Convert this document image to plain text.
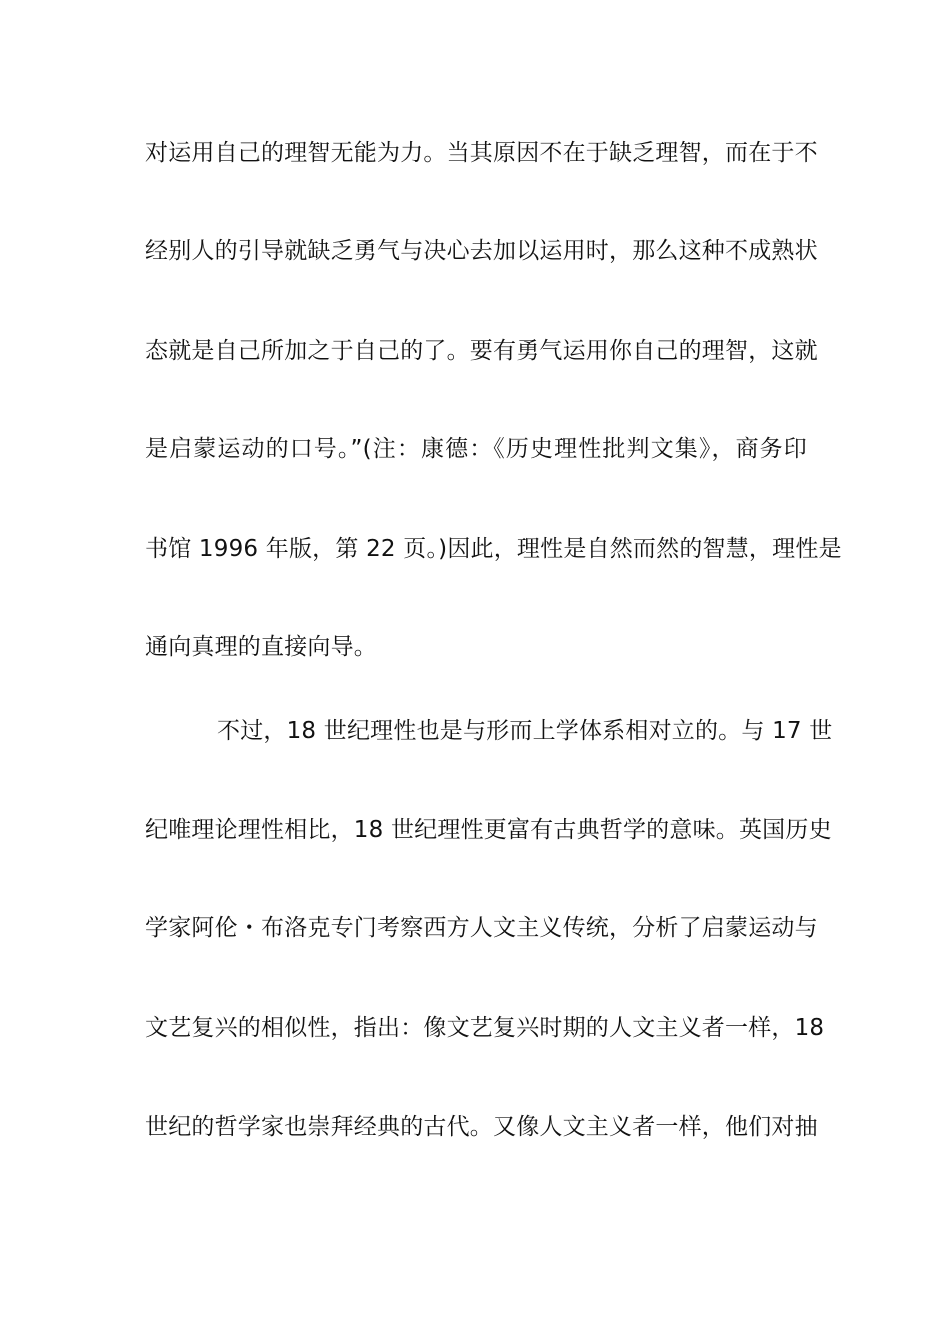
对运用自己的理智无能为力。当其原因不在于缺乏理智，而在于不
经别人的引导就缺乏勇气与决心去加以运用时，那么这种不成熟状
态就是自己所加之于自己的了。要有勇气运用你自己的理智，这就
是启蒙运动的口号。”(注：康德：《历史理性批判文集》，商务印
书馆 1996 年版，第 22 页。)因此，理性是自然而然的智慧，理性是
通向真理的直接向导。
不过，18 世纪理性也是与形而上学体系相对立的。与 17 世
纪唯理论理性相比，18 世纪理性更富有古典哲学的意味。英国历史
学家阿伦・布洛克专门考察西方人文主义传统，分析了启蒙运动与
文艺复兴的相似性，指出：像文艺复兴时期的人文主义者一样，18
世纪的哲学家也崇拜经典的古代。又像人文主义者一样，他们对抽
